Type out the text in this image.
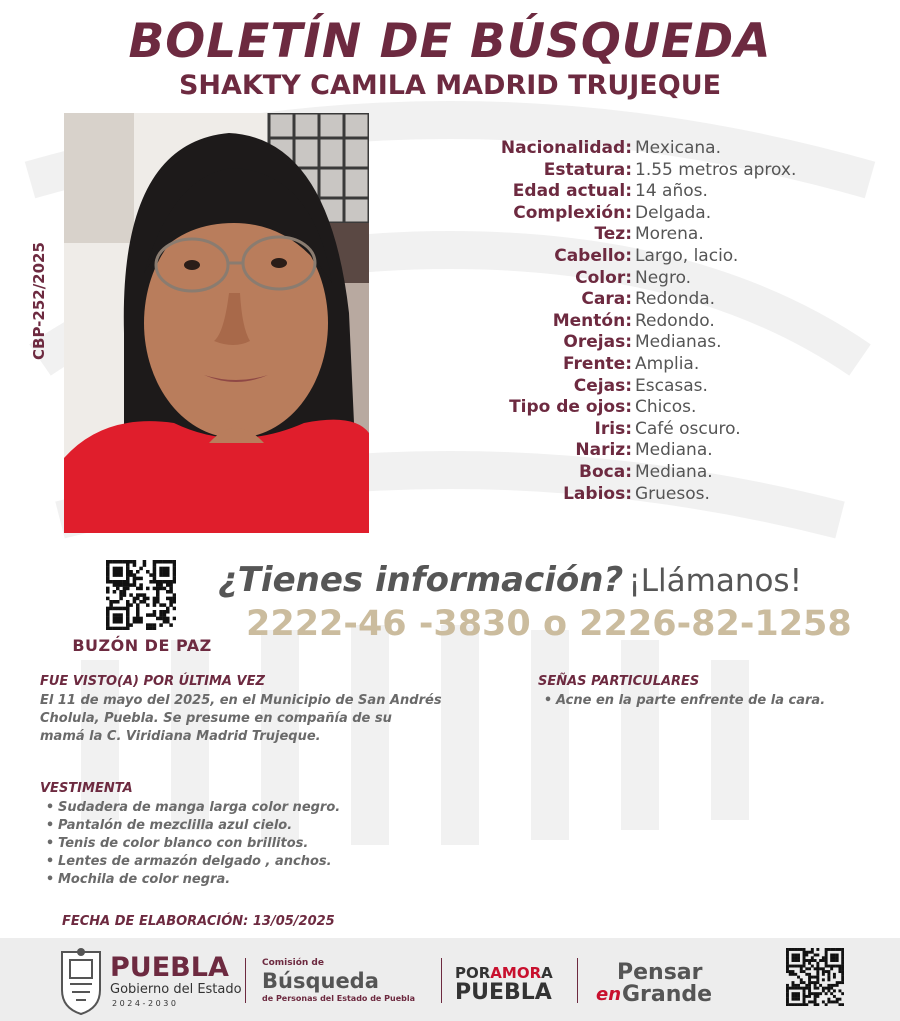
BOLETÍN DE BÚSQUEDA
SHAKTY CAMILA MADRID TRUJEQUE
CBP-252/2025
Nacionalidad: Mexicana.
Estatura: 1.55 metros aprox.
Edad actual: 14 años.
Complexión: Delgada.
Tez: Morena.
Cabello: Largo, lacio.
Color: Negro.
Cara: Redonda.
Mentón: Redondo.
Orejas: Medianas.
Frente: Amplia.
Cejas: Escasas.
Tipo de ojos: Chicos.
Iris: Café oscuro.
Nariz: Mediana.
Boca: Mediana.
Labios: Gruesos.
BUZÓN DE PAZ
¿Tienes información? ¡Llámanos!
2222-46 -3830 o 2226-82-1258
FUE VISTO(A) POR ÚLTIMA VEZ
El 11 de mayo del 2025, en el Municipio de San Andrés
Cholula, Puebla. Se presume en compañía de su
mamá la C. Viridiana Madrid Trujeque.
SEÑAS PARTICULARES
• Acne en la parte enfrente de la cara.
VESTIMENTA
• Sudadera de manga larga color negro.
• Pantalón de mezclilla azul cielo.
• Tenis de color blanco con brillitos.
• Lentes de armazón delgado , anchos.
• Mochila de color negra.
FECHA DE ELABORACIÓN: 13/05/2025
PUEBLA
Gobierno del Estado
2 0 2 4 - 2 0 3 0
Comisión de
Búsqueda
de Personas del Estado de Puebla
PORAMORA
PUEBLA
Pensar
en Grande
